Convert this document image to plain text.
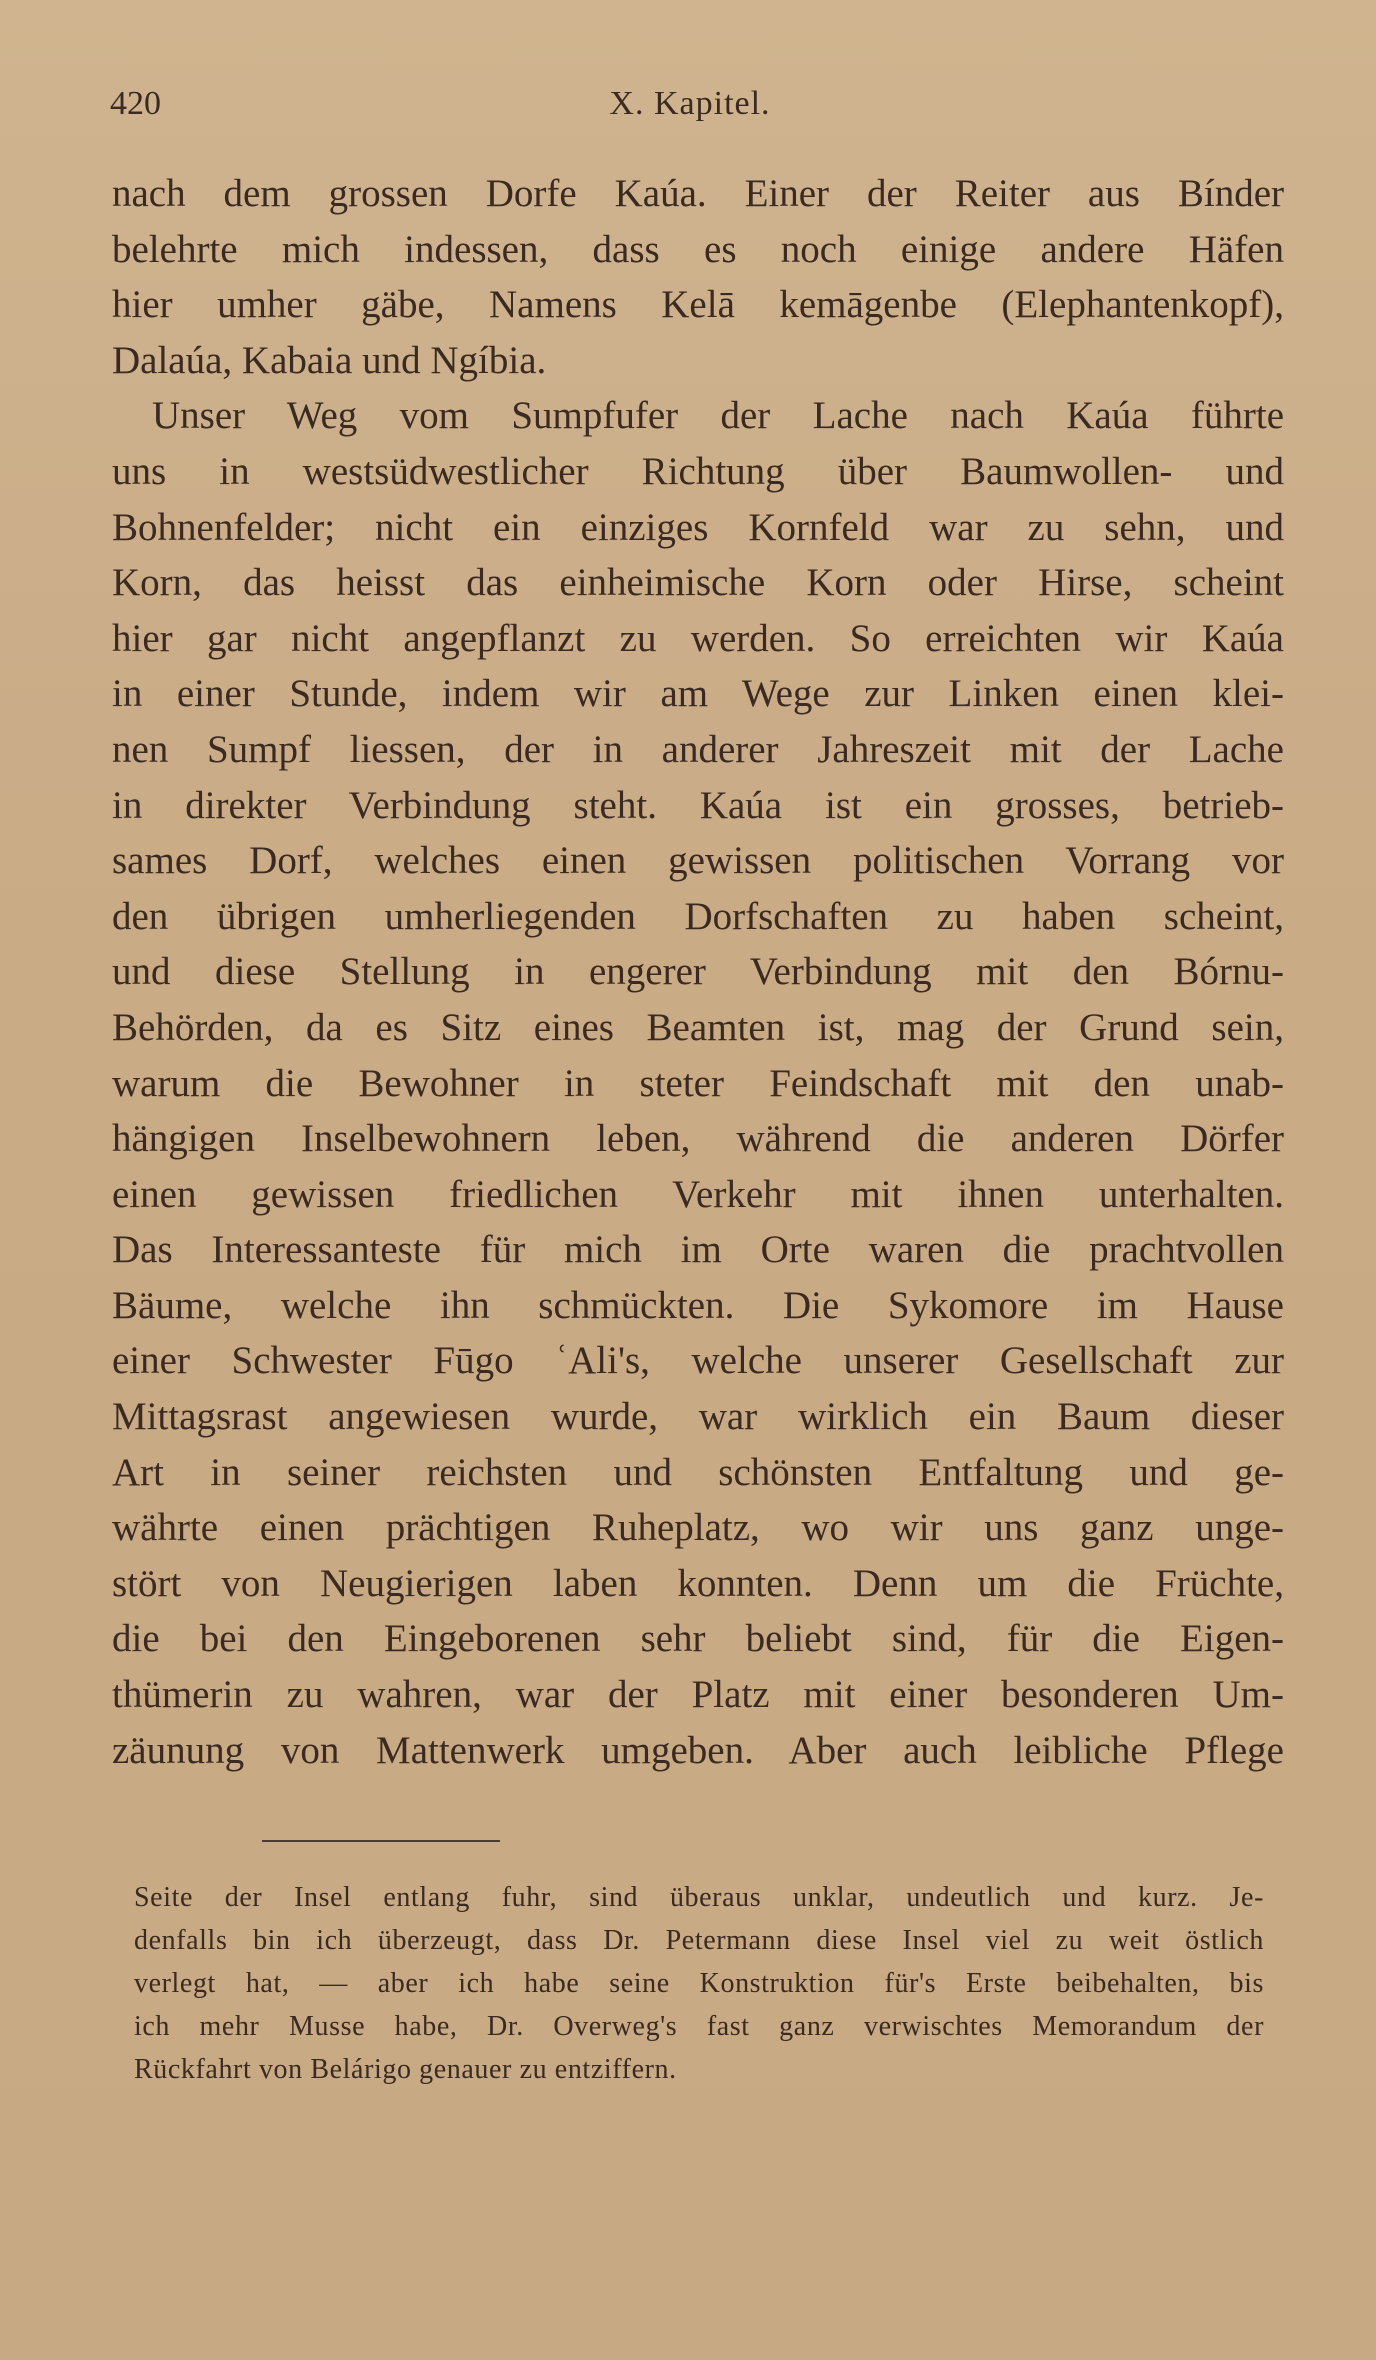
420	X. Kapitel.
nach dem grossen Dorfe Kaúa. Einer der Reiter aus Bínder
belehrte mich indessen, dass es noch einige andere Häfen
hier umher gäbe, Namens Kelā kemāgenbe (Elephantenkopf),
Dalaúa, Kabaia und Ngíbia.
Unser Weg vom Sumpfufer der Lache nach Kaúa führte
uns in westsüdwestlicher Richtung über Baumwollen- und
Bohnenfelder; nicht ein einziges Kornfeld war zu sehn, und
Korn, das heisst das einheimische Korn oder Hirse, scheint
hier gar nicht angepflanzt zu werden. So erreichten wir Kaúa
in einer Stunde, indem wir am Wege zur Linken einen klei-
nen Sumpf liessen, der in anderer Jahreszeit mit der Lache
in direkter Verbindung steht. Kaúa ist ein grosses, betrieb-
sames Dorf, welches einen gewissen politischen Vorrang vor
den übrigen umherliegenden Dorfschaften zu haben scheint,
und diese Stellung in engerer Verbindung mit den Bórnu-
Behörden, da es Sitz eines Beamten ist, mag der Grund sein,
warum die Bewohner in steter Feindschaft mit den unab-
hängigen Inselbewohnern leben, während die anderen Dörfer
einen gewissen friedlichen Verkehr mit ihnen unterhalten.
Das Interessanteste für mich im Orte waren die prachtvollen
Bäume, welche ihn schmückten. Die Sykomore im Hause
einer Schwester Fūgo ʿAli's, welche unserer Gesellschaft zur
Mittagsrast angewiesen wurde, war wirklich ein Baum dieser
Art in seiner reichsten und schönsten Entfaltung und ge-
währte einen prächtigen Ruheplatz, wo wir uns ganz unge-
stört von Neugierigen laben konnten. Denn um die Früchte,
die bei den Eingeborenen sehr beliebt sind, für die Eigen-
thümerin zu wahren, war der Platz mit einer besonderen Um-
zäunung von Mattenwerk umgeben. Aber auch leibliche Pflege
Seite der Insel entlang fuhr, sind überaus unklar, undeutlich und kurz. Je-
denfalls bin ich überzeugt, dass Dr. Petermann diese Insel viel zu weit östlich
verlegt hat, — aber ich habe seine Konstruktion für's Erste beibehalten, bis
ich mehr Musse habe, Dr. Overweg's fast ganz verwischtes Memorandum der
Rückfahrt von Belárigo genauer zu entziffern.
